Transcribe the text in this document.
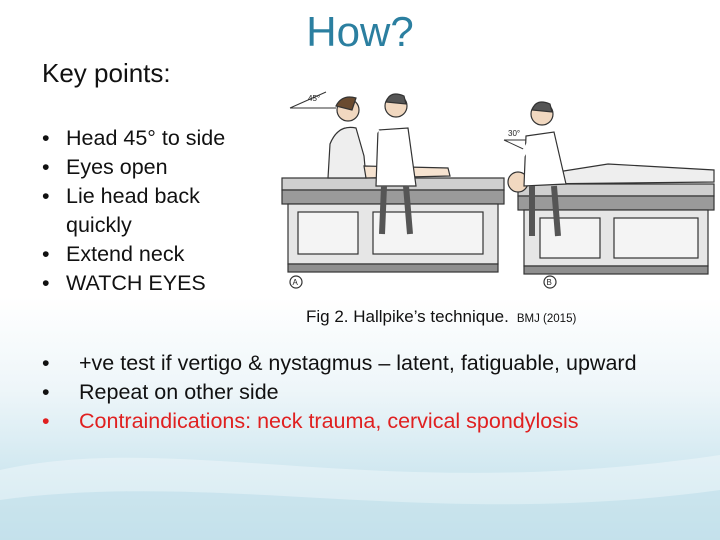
How?
Key points:
• Head 45° to side
• Eyes open
• Lie head back quickly
• Extend neck
• WATCH EYES
45°
A
30°
B
Fig 2. Hallpike’s technique. BMJ (2015)
• +ve test if vertigo & nystagmus – latent, fatiguable, upward
• Repeat on other side
• Contraindications: neck trauma, cervical spondylosis
